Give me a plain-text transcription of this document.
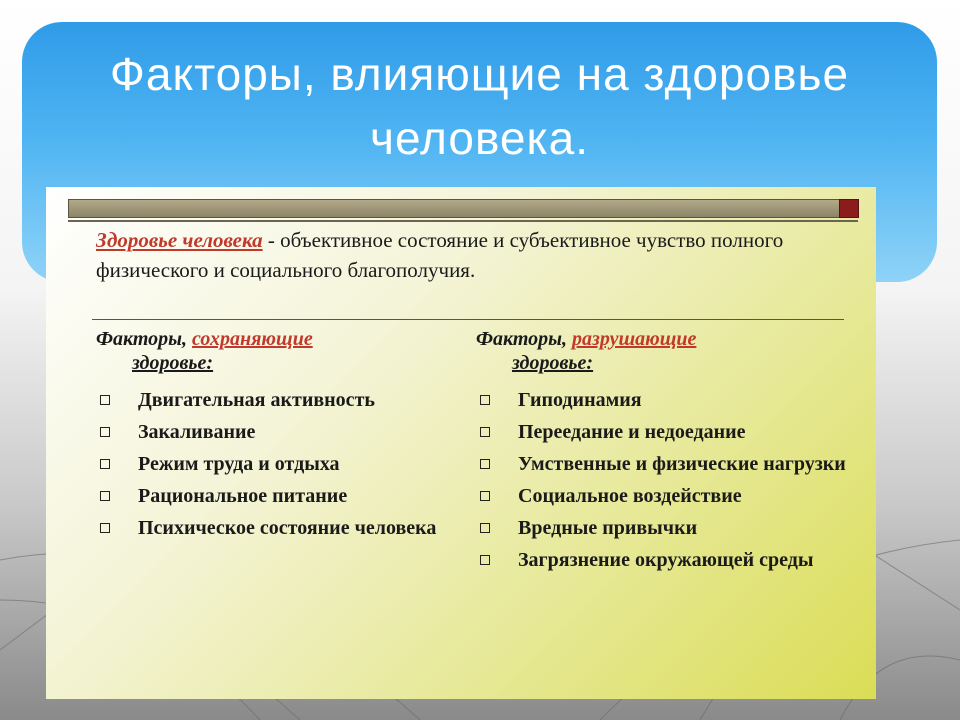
Факторы, влияющие на здоровье человека.
Здоровье человека - объективное состояние и субъективное чувство полного физического и социального благополучия.
Факторы, сохраняющие
здоровье:
Двигательная активность
Закаливание
Режим труда и отдыха
Рациональное питание
Психическое состояние человека
Факторы, разрушающие
здоровье:
Гиподинамия
Переедание и недоедание
Умственные и физические нагрузки
Социальное воздействие
Вредные привычки
Загрязнение окружающей среды
